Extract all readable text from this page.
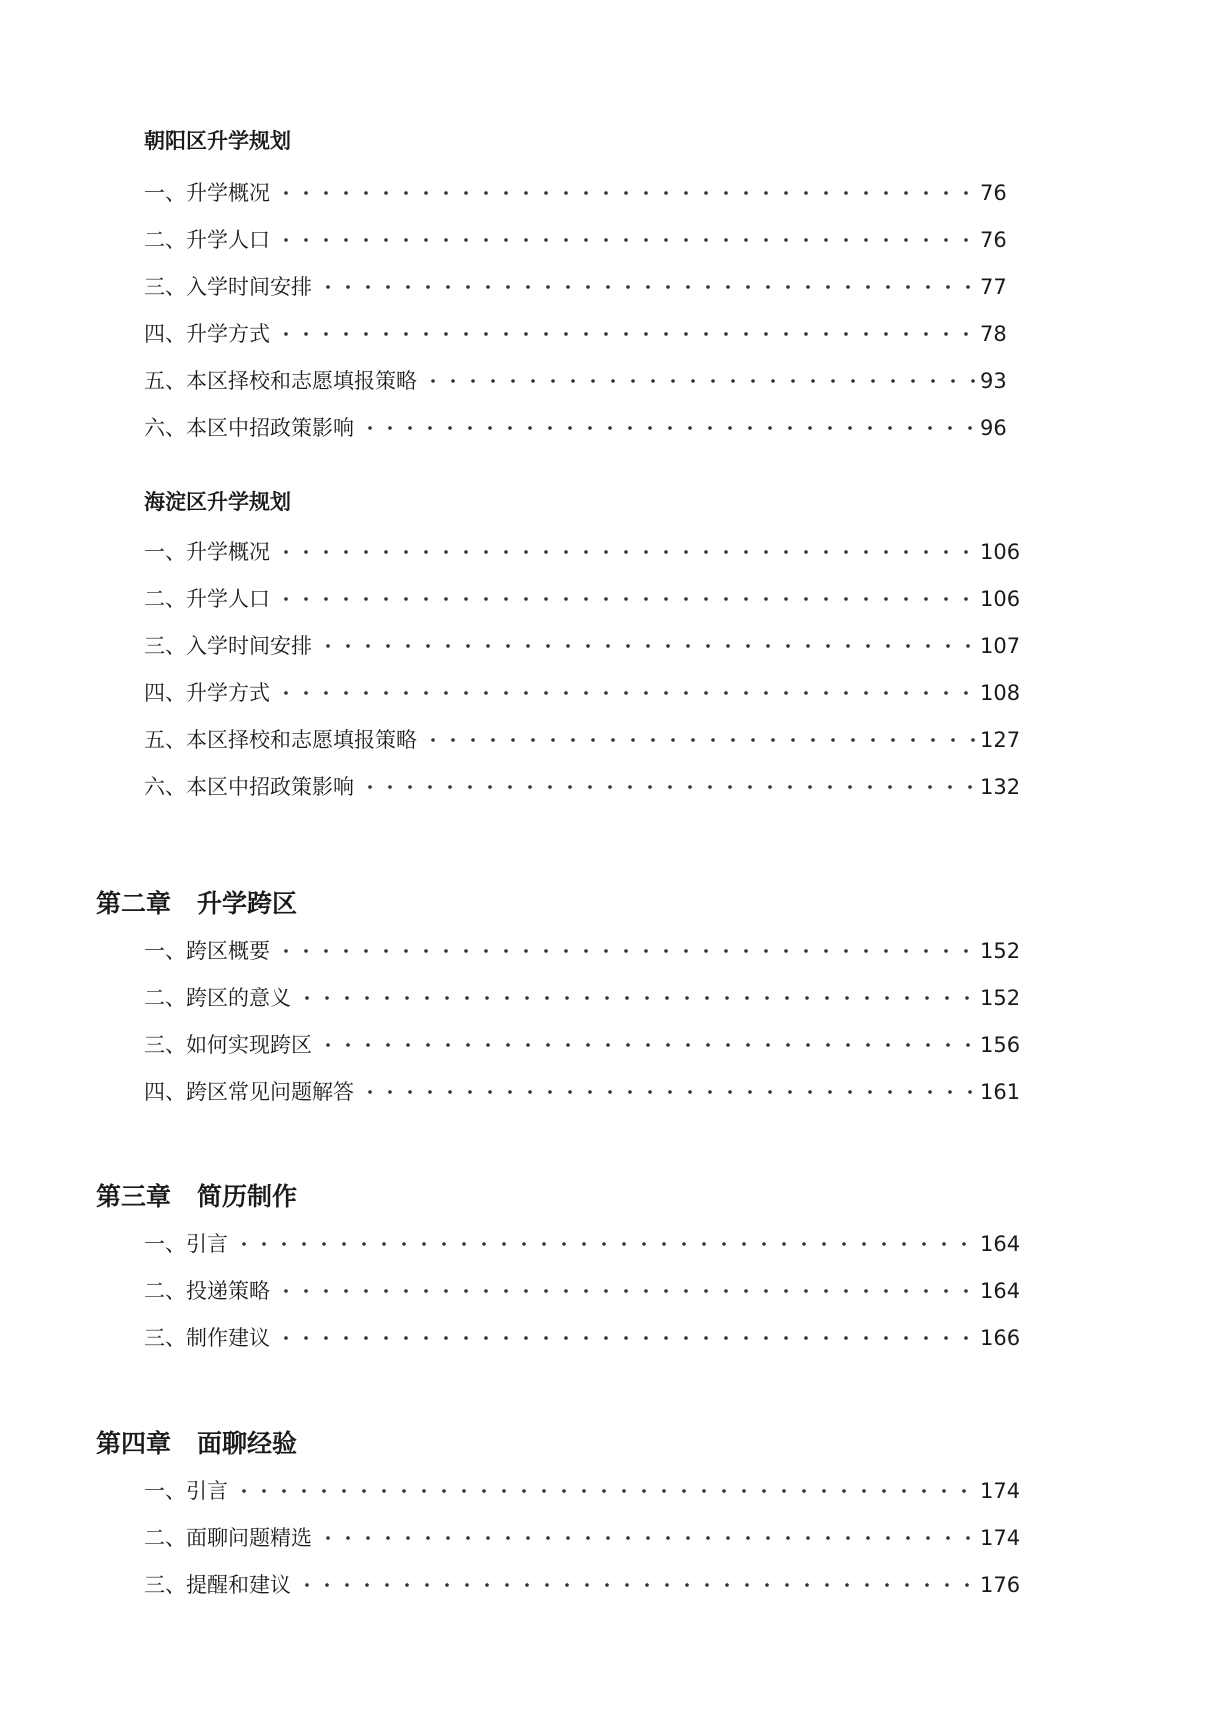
朝阳区升学规划
一、升学概况	76
二、升学人口	76
三、入学时间安排	77
四、升学方式	78
五、本区择校和志愿填报策略	93
六、本区中招政策影响	96
海淀区升学规划
一、升学概况	106
二、升学人口	106
三、入学时间安排	107
四、升学方式	108
五、本区择校和志愿填报策略	127
六、本区中招政策影响	132
第二章 升学跨区
一、跨区概要	152
二、跨区的意义	152
三、如何实现跨区	156
四、跨区常见问题解答	161
第三章 简历制作
一、引言	164
二、投递策略	164
三、制作建议	166
第四章 面聊经验
一、引言	174
二、面聊问题精选	174
三、提醒和建议	176
